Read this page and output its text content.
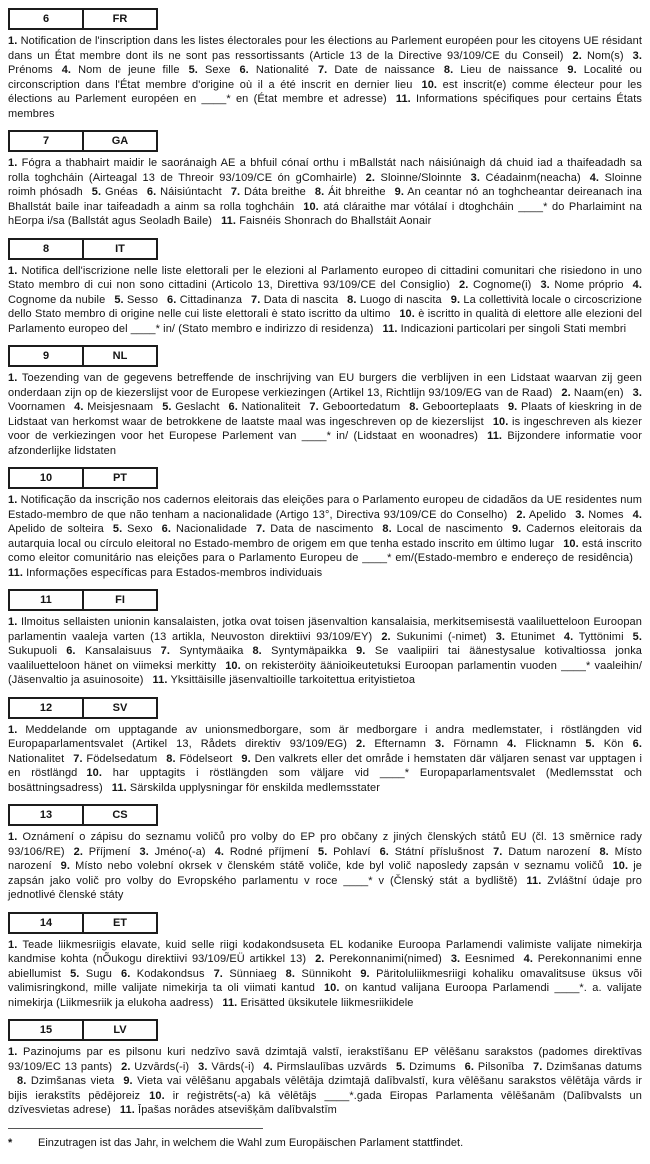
6	FR

1. Notification de l'inscription dans les listes électorales pour les élections au Parlement européen pour les citoyens UE résidant dans un État membre dont ils ne sont pas ressortissants (Article 13 de la Directive 93/109/CE du Conseil) 2. Nom(s) 3. Prénoms 4. Nom de jeune fille 5. Sexe 6. Nationalité 7. Date de naissance 8. Lieu de naissance 9. Localité ou circonscription dans l'État membre d'origine où il a été inscrit en dernier lieu 10. est inscrit(e) comme électeur pour les élections au Parlement européen en ____* en (État membre et adresse) 11. Informations spécifiques pour certains États membres

7	GA

1. Fógra a thabhairt maidir le saoránaigh AE a bhfuil cónaí orthu i mBallstát nach náisiúnaigh dá chuid iad a thaifeadadh sa rolla toghcháin (Airteagal 13 de Threoir 93/109/CE ón gComhairle) 2. Sloinne/Sloinnte 3. Céadainm(neacha) 4. Sloinne roimh phósadh 5. Gnéas 6. Náisiúntacht 7. Dáta breithe 8. Áit bhreithe 9. An ceantar nó an toghcheantar deireanach ina Bhallstát baile inar taifeadadh a ainm sa rolla toghcháin 10. atá cláraithe mar vótálaí i dtoghcháin ____* do Pharlaimint na hEorpa i/sa (Ballstát agus Seoladh Baile) 11. Faisnéis Shonrach do Bhallstáit Aonair

8	IT

1. Notifica dell'iscrizione nelle liste elettorali per le elezioni al Parlamento europeo di cittadini comunitari che risiedono in uno Stato membro di cui non sono cittadini (Articolo 13, Direttiva 93/109/CE del Consiglio) 2. Cognome(i) 3. Nome próprio 4. Cognome da nubile 5. Sesso 6. Cittadinanza 7. Data di nascita 8. Luogo di nascita 9. La collettività locale o circoscrizione dello Stato membro di origine nelle cui liste elettorali è stato iscritto da ultimo 10. è iscritto in qualità di elettore alle elezioni del Parlamento europeo del ____* in/ (Stato membro e indirizzo di residenza) 11. Indicazioni particolari per singoli Stati membri

9	NL

1. Toezending van de gegevens betreffende de inschrijving van EU burgers die verblijven in een Lidstaat waarvan zij geen onderdaan zijn op de kiezerslijst voor de Europese verkiezingen (Artikel 13, Richtlijn 93/109/EG van de Raad) 2. Naam(en) 3. Voornamen 4. Meisjesnaam 5. Geslacht 6. Nationaliteit 7. Geboortedatum 8. Geboorteplaats 9. Plaats of kieskring in de Lidstaat van herkomst waar de betrokkene de laatste maal was ingeschreven op de kiezerslijst 10. is ingeschreven als kiezer voor de verkiezingen voor het Europese Parlement van ____* in/ (Lidstaat en woonadres) 11. Bijzondere informatie voor afzonderlijke lidstaten

10	PT

1. Notificação da inscrição nos cadernos eleitorais das eleições para o Parlamento europeu de cidadãos da UE residentes num Estado-membro de que não tenham a nacionalidade (Artigo 13°, Directiva 93/109/CE do Conselho) 2. Apelido 3. Nomes 4. Apelido de solteira 5. Sexo 6. Nacionalidade 7. Data de nascimento 8. Local de nascimento 9. Cadernos eleitorais da autarquia local ou círculo eleitoral no Estado-membro de origem em que tenha estado inscrito em último lugar 10. está inscrito como eleitor comunitário nas eleições para o Parlamento Europeu de ____* em/(Estado-membro e endereço de residência)11. Informações específicas para Estados-membros individuais

11	FI

1. Ilmoitus sellaisten unionin kansalaisten, jotka ovat toisen jäsenvaltion kansalaisia, merkitsemisestä vaaliluetteloon Euroopan parlamentin vaaleja varten (13 artikla, Neuvoston direktiivi 93/109/EY) 2. Sukunimi (-nimet) 3. Etunimet 4. Tyttönimi 5. Sukupuoli 6. Kansalaisuus 7. Syntymäaika 8. Syntymäpaikka 9. Se vaalipiiri tai äänestysalue kotivaltiossa jonka vaaliluetteloon hänet on viimeksi merkitty 10. on rekisteröity äänioikeutetuksi Euroopan parlamentin vuoden ____* vaaleihin/ (Jäsenvaltio ja asuinosoite) 11. Yksittäisille jäsenvaltioille tarkoitettua erityistietoa

12	SV

1. Meddelande om upptagande av unionsmedborgare, som är medborgare i andra medlemstater, i röstlängden vid Europaparlamentsvalet (Artikel 13, Rådets direktiv 93/109/EG) 2. Efternamn 3. Förnamn 4. Flicknamn 5. Kön 6. Nationalitet 7. Födelsedatum 8. Födelseort 9. Den valkrets eller det område i hemstaten där väljaren senast var upptagen i en röstlängd 10. har upptagits i röstlängden som väljare vid ____* Europaparlamentsvalet (Medlemsstat och bosättningsadress) 11. Särskilda upplysningar för enskilda medlemsstater

13	CS

1. Oznámení o zápisu do seznamu voličů pro volby do EP pro občany z jiných členských států EU (čl. 13 směrnice rady 93/106/RE) 2. Příjmení 3. Jméno(-a) 4. Rodné příjmení 5. Pohlaví 6. Státní příslušnost 7. Datum narození 8. Místo narození 9. Místo nebo volební okrsek v členském státě voliče, kde byl volič naposledy zapsán v seznamu voličů 10. je zapsán jako volič pro volby do Evropského parlamentu v roce ____* v (Členský stát a bydliště) 11. Zvláštní údaje pro jednotlivé členské státy

14	ET

1. Teade liikmesriigis elavate, kuid selle riigi kodakondsuseta EL kodanike Euroopa Parlamendi valimiste valijate nimekirja kandmise kohta (nÕukogu direktiivi 93/109/EÜ artikkel 13) 2. Perekonnanimi(nimed) 3. Eesnimed 4. Perekonnanimi enne abiellumist 5. Sugu 6. Kodakondsus 7. Sünniaeg 8. Sünnikoht 9. Päritoluliikmesriigi kohaliku omavalitsuse üksus või valimisringkond, mille valijate nimekirja ta oli viimati kantud 10. on kantud valijana Euroopa Parlamendi ____*. a. valijate nimekirja (Liikmesriik ja elukoha aadress) 11. Erisätted üksikutele liikmesriikidele

15	LV

1. Pazinojums par es pilsonu kuri nedzīvo savā dzimtajā valstī, ierakstīšanu EP vēlēšanu sarakstos (padomes direktīvas 93/109/EC 13 pants) 2. Uzvārds(-i) 3. Vārds(-i) 4. Pirmslaulības uzvārds 5. Dzimums 6. Pilsonība 7. Dzimšanas datums8. Dzimšanas vieta 9. Vieta vai vēlēšanu apgabals vēlētāja dzimtajā dalībvalstī, kura vēlēšanu sarakstos vēlētāja vārds ir bijis ierakstīts pēdējoreiz 10. ir reģistrēts(-a) kā vēlētājs ____*.gada Eiropas Parlamenta vēlēšanām (Dalībvalsts un dzīvesvietas adrese) 11. Īpašas norādes atsevišķām dalībvalstīm

*	Einzutragen ist das Jahr, in welchem die Wahl zum Europäischen Parlament stattfindet.
